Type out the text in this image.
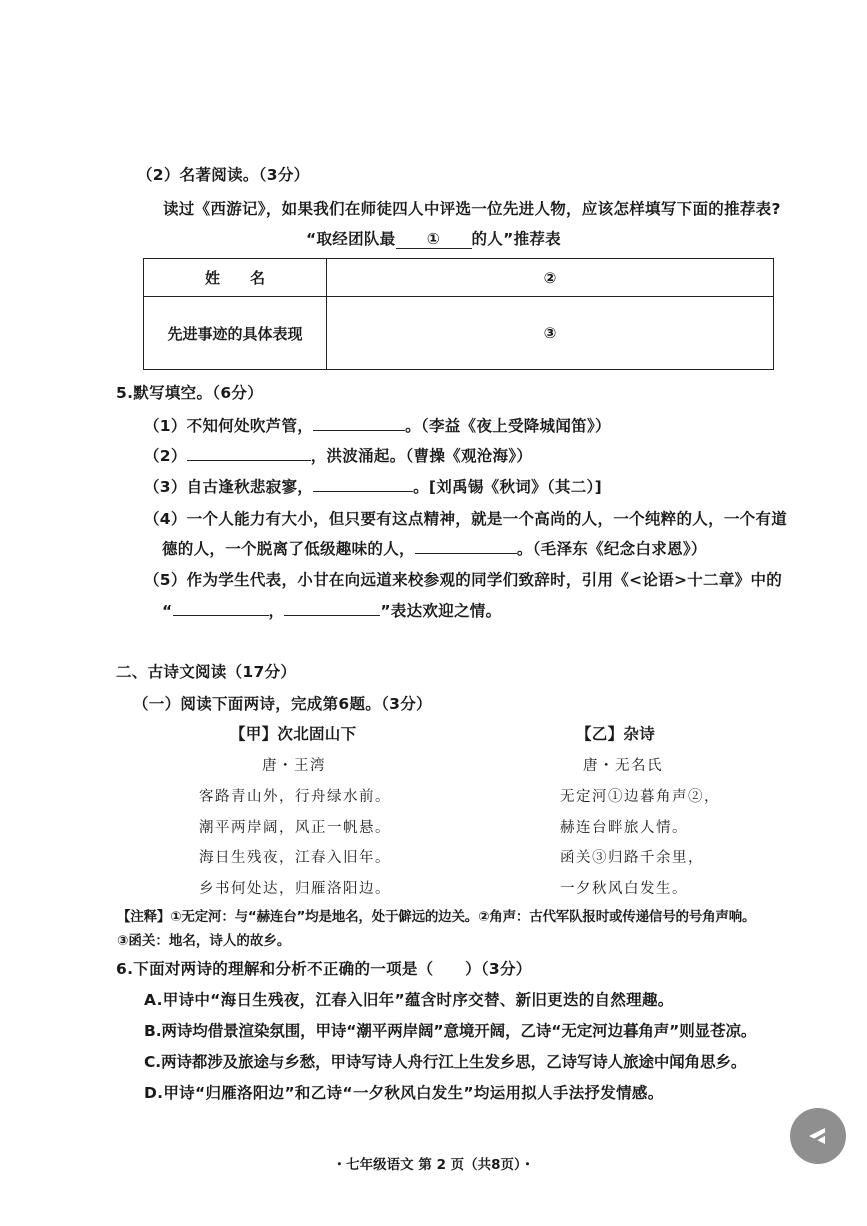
（2）名著阅读。（3分）
读过《西游记》，如果我们在师徒四人中评选一位先进人物，应该怎样填写下面的推荐表?
“取经团队最 ① 的人”推荐表
姓　　名	②
先进事迹的具体表现	③
5.默写填空。（6分）
（1）不知何处吹芦管，	。（李益《夜上受降城闻笛》）
（2）	，洪波涌起。（曹操《观沧海》）
（3）自古逢秋悲寂寥，	。[刘禹锡《秋词》（其二）]
（4）一个人能力有大小，但只要有这点精神，就是一个高尚的人，一个纯粹的人，一个有道
德的人，一个脱离了低级趣味的人，	。（毛泽东《纪念白求恩》）
（5）作为学生代表，小甘在向远道来校参观的同学们致辞时，引用《<论语>十二章》中的
“	，	”表达欢迎之情。
二、古诗文阅读（17分）
（一）阅读下面两诗，完成第6题。（3分）
【甲】次北固山下
唐・王湾
客路青山外，行舟绿水前。
潮平两岸阔，风正一帆悬。
海日生残夜，江春入旧年。
乡书何处达，归雁洛阳边。
【乙】杂诗
唐・无名氏
无定河①边暮角声②，
赫连台畔旅人情。
函关③归路千余里，
一夕秋风白发生。
【注释】①无定河：与“赫连台”均是地名，处于僻远的边关。②角声：古代军队报时或传递信号的号角声响。
③函关：地名，诗人的故乡。
6.下面对两诗的理解和分析不正确的一项是（　　）（3分）
A.甲诗中“海日生残夜，江春入旧年”蕴含时序交替、新旧更迭的自然理趣。
B.两诗均借景渲染氛围，甲诗“潮平两岸阔”意境开阔，乙诗“无定河边暮角声”则显苍凉。
C.两诗都涉及旅途与乡愁，甲诗写诗人舟行江上生发乡思，乙诗写诗人旅途中闻角思乡。
D.甲诗“归雁洛阳边”和乙诗“一夕秋风白发生”均运用拟人手法抒发情感。
・七年级语文 第 2 页（共8页）・
